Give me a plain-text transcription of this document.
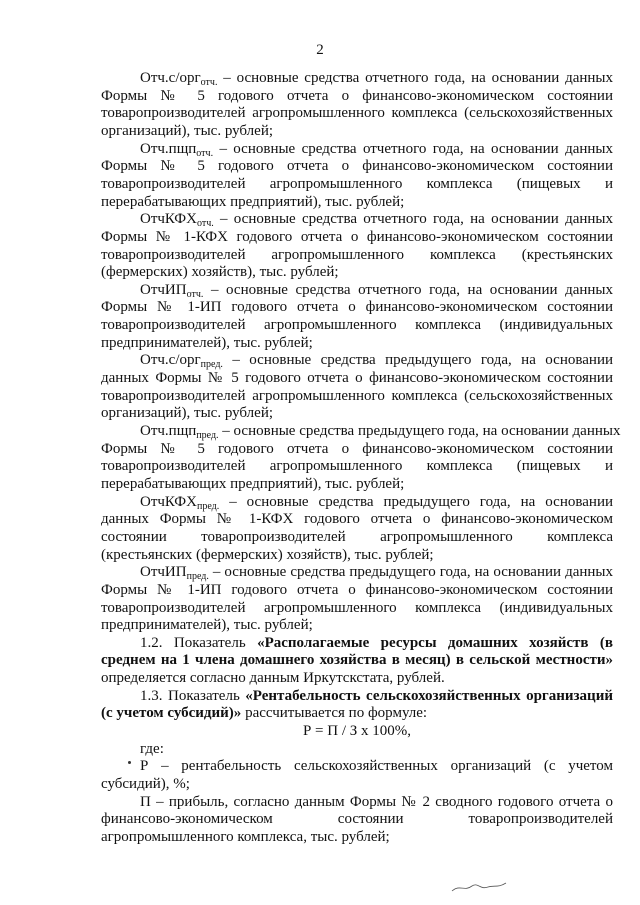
2
Отч.с/орг$_{отч.}$ – основные средства отчетного года, на основании данных
Формы № 5 годового отчета о финансово-экономическом состоянии
товаропроизводителей агропромышленного комплекса (сельскохозяйственных
организаций), тыс. рублей;
Отч.пщп$_{отч.}$ – основные средства отчетного года, на основании данных
Формы № 5 годового отчета о финансово-экономическом состоянии
товаропроизводителей агропромышленного комплекса (пищевых и
перерабатывающих предприятий), тыс. рублей;
ОтчКФХ$_{отч.}$ – основные средства отчетного года, на основании данных
Формы № 1-КФХ годового отчета о финансово-экономическом состоянии
товаропроизводителей агропромышленного комплекса (крестьянских
(фермерских) хозяйств), тыс. рублей;
ОтчИП$_{отч.}$ – основные средства отчетного года, на основании данных
Формы № 1-ИП годового отчета о финансово-экономическом состоянии
товаропроизводителей агропромышленного комплекса (индивидуальных
предпринимателей), тыс. рублей;
Отч.с/орг$_{пред.}$ – основные средства предыдущего года, на основании
данных Формы № 5 годового отчета о финансово-экономическом состоянии
товаропроизводителей агропромышленного комплекса (сельскохозяйственных
организаций), тыс. рублей;
Отч.пщп$_{пред.}$ – основные средства предыдущего года, на основании данных
Формы № 5 годового отчета о финансово-экономическом состоянии
товаропроизводителей агропромышленного комплекса (пищевых и
перерабатывающих предприятий), тыс. рублей;
ОтчКФХ$_{пред.}$ – основные средства предыдущего года, на основании
данных Формы № 1-КФХ годового отчета о финансово-экономическом
состоянии товаропроизводителей агропромышленного комплекса
(крестьянских (фермерских) хозяйств), тыс. рублей;
ОтчИП$_{пред.}$ – основные средства предыдущего года, на основании данных
Формы № 1-ИП годового отчета о финансово-экономическом состоянии
товаропроизводителей агропромышленного комплекса (индивидуальных
предпринимателей), тыс. рублей;
1.2. Показатель «Располагаемые ресурсы домашних хозяйств (в
среднем на 1 члена домашнего хозяйства в месяц) в сельской местности»
определяется согласно данным Иркутскстата, рублей.
1.3. Показатель «Рентабельность сельскохозяйственных организаций
(с учетом субсидий)» рассчитывается по формуле:
Р = П / З х 100%,
где:
Р – рентабельность сельскохозяйственных организаций (с учетом
субсидий), %;
П – прибыль, согласно данным Формы № 2 сводного годового отчета о
финансово-экономическом состоянии товаропроизводителей
агропромышленного комплекса, тыс. рублей;
